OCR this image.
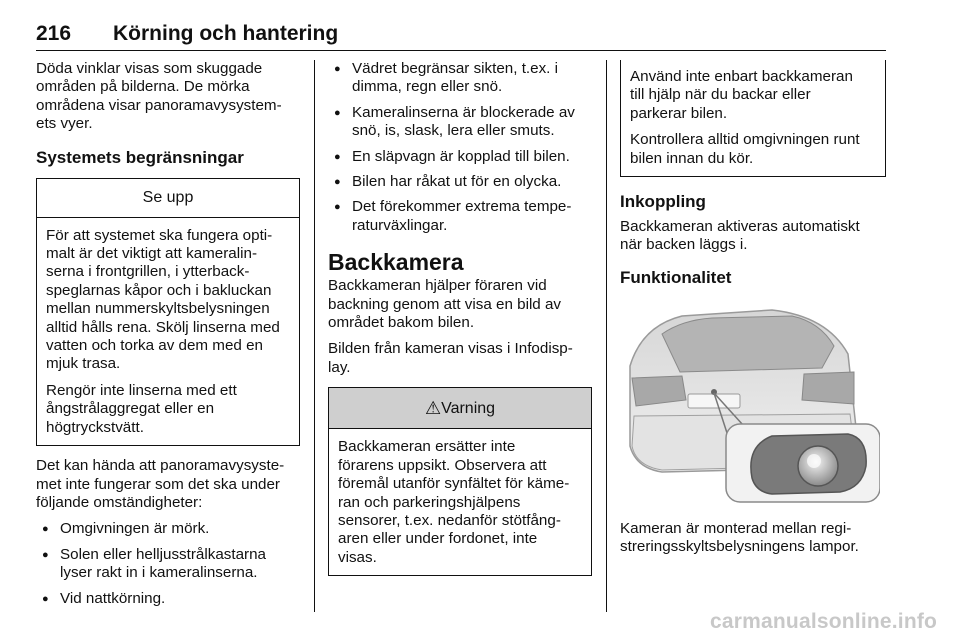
216 Körning och hantering

Döda vinklar visas som skuggade
områden på bilderna. De mörka
områdena visar panoramavysystem-
ets vyer.

Systemets begränsningar
Se upp

För att systemet ska fungera opti-
malt är det viktigt att kameralin-
serna i frontgrillen, i ytterback-
speglarnas kåpor och i bakluckan
mellan nummerskyltsbelysningen
alltid hålls rena. Skölj linserna med
vatten och torka av dem med en
mjuk trasa.

Rengör inte linserna med ett
ångstrålaggregat eller en
högtryckstvätt.

Det kan hända att panoramavysyste-
met inte fungerar som det ska under
följande omständigheter:

● Omgivningen är mörk.
● Solen eller helljusstrålkastarna
lyser rakt in i kameralinserna.
● Vid nattkörning.
● Vädret begränsar sikten, t.ex. i
dimma, regn eller snö.
● Kameralinserna är blockerade av
snö, is, slask, lera eller smuts.
● En släpvagn är kopplad till bilen.
● Bilen har råkat ut för en olycka.
● Det förekommer extrema tempe-
raturväxlingar.
Backkamera

Backkameran hjälper föraren vid
backning genom att visa en bild av
området bakom bilen.

Bilden från kameran visas i Infodisp-
lay.

⚠Varning

Backkameran ersätter inte
förarens uppsikt. Observera att
föremål utanför synfältet för käme-
ran och parkeringshjälpens
sensorer, t.ex. nedanför stötfång-
aren eller under fordonet, inte
visas.

Använd inte enbart backkameran
till hjälp när du backar eller
parkerar bilen.

Kontrollera alltid omgivningen runt
bilen innan du kör.

Inkoppling

Backkameran aktiveras automatiskt
när backen läggs i.

Funktionalitet

Kameran är monterad mellan regi-
streringsskyltsbelysningens lampor.

carmanualsonline.info
